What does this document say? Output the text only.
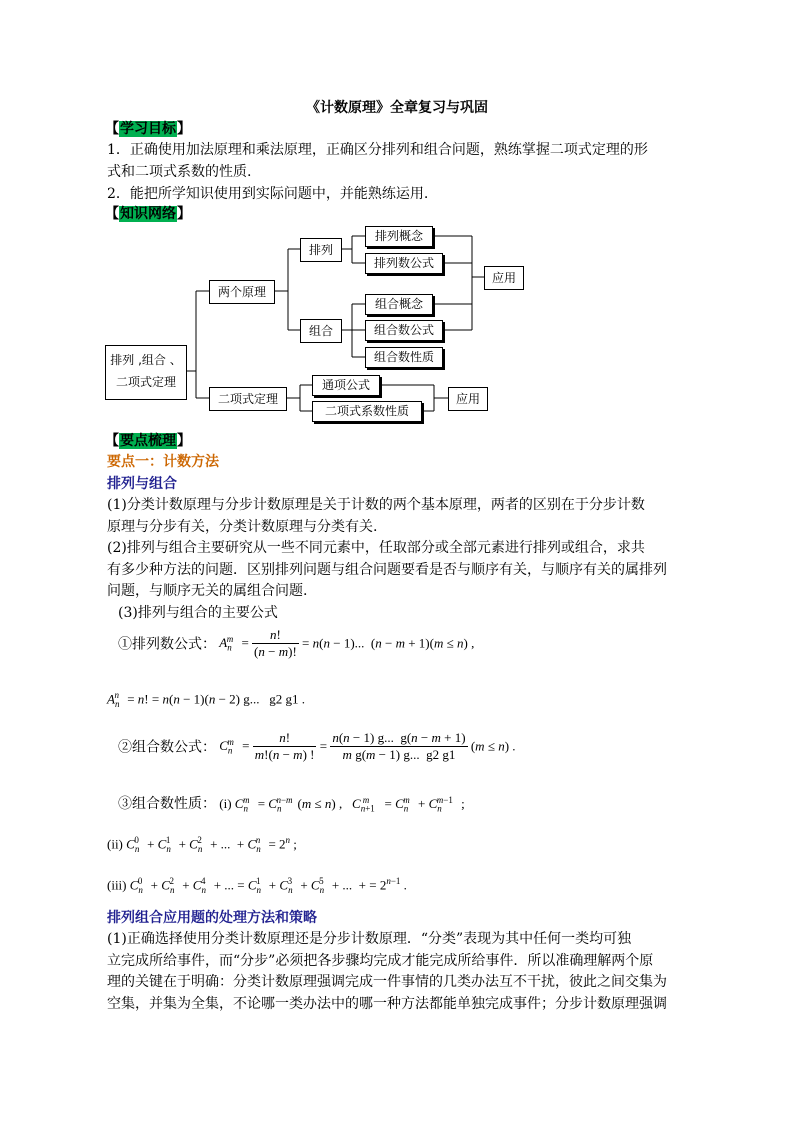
《计数原理》全章复习与巩固
【学习目标】
1．正确使用加法原理和乘法原理，正确区分排列和组合问题，熟练掌握二项式定理的形
式和二项式系数的性质.
2．能把所学知识使用到实际问题中，并能熟练运用.
【知识网络】
排列 ,组合 、
二项式定理
两个原理
二项式定理
排列
组合
排列概念
排列数公式
组合概念
组合数公式
组合数性质
应用
通项公式
二项式系数性质
应用
【要点梳理】
要点一：计数方法
排列与组合
(1)分类计数原理与分步计数原理是关于计数的两个基本原理，两者的区别在于分步计数
原理与分步有关，分类计数原理与分类有关.
(2)排列与组合主要研究从一些不同元素中，任取部分或全部元素进行排列或组合，求共
有多少种方法的问题．区别排列问题与组合问题要看是否与顺序有关，与顺序有关的属排列
问题，与顺序无关的属组合问题.
(3)排列与组合的主要公式
①排列数公式： $A_n^m = \frac{n!}{(n - m)!} = n(n - 1)$...  (n − m + 1)(m ≤ n) ,
$A_n^n = n$! = n(n − 1)(n − 2) g...   g2 g1 .
②组合数公式： $C_n^m = \frac{n!}{m!(n - m) !} = \frac{n(n - 1) g... g(n - m + 1)}{\text{m g(m − 1) g...  g2 g1}} (m \le n)$ .
③组合数性质： (i) $C_n^m = C_n^{n-m}$ (m ≤ n) ,   $C_{n+1}^m = C_n^m + C_n^{m-1}$ ;
(ii) $C_n^0 + C_n^1 + C_n^2$ + ...  + $C_n^n = 2^n$ ;
(iii) $C_n^0 + C_n^2 + C_n^4$ + ... = $C_n^1 + C_n^3 + C_n^5$ + ...  + = $2^{n-1}$ .
排列组合应用题的处理方法和策略
(1)正确选择使用分类计数原理还是分步计数原理．“分类”表现为其中任何一类均可独
立完成所给事件，而“分步”必须把各步骤均完成才能完成所给事件．所以准确理解两个原
理的关键在于明确：分类计数原理强调完成一件事情的几类办法互不干扰，彼此之间交集为
空集，并集为全集，不论哪一类办法中的哪一种方法都能单独完成事件；分步计数原理强调
